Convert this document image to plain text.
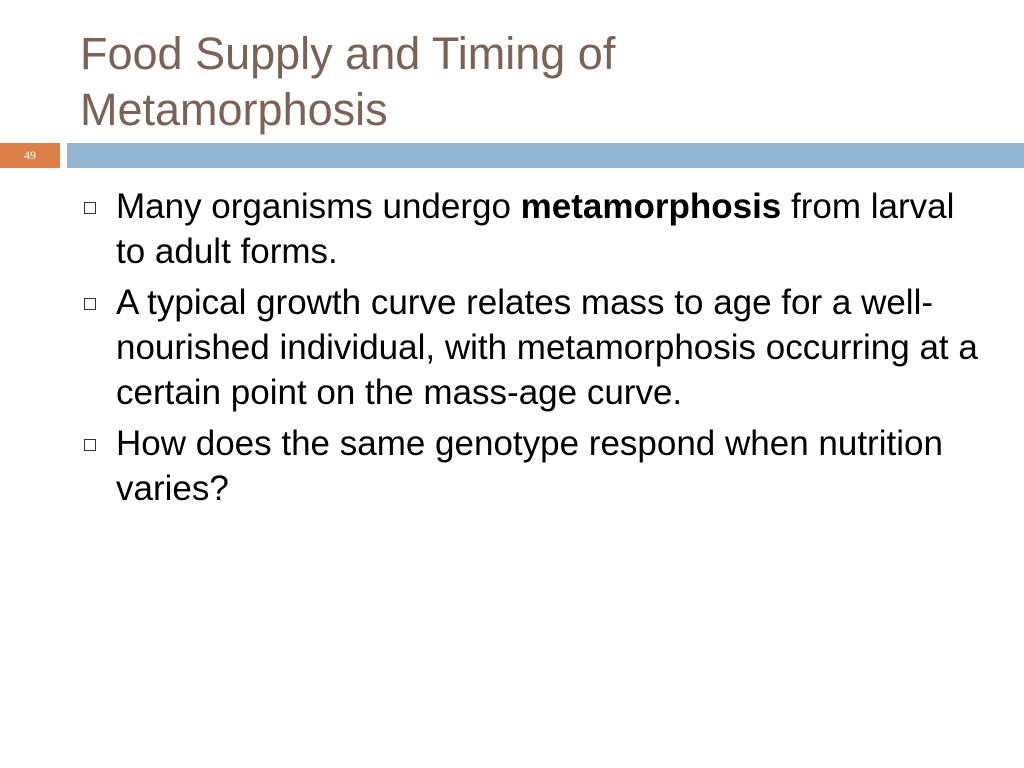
Food Supply and Timing of
Metamorphosis
49
Many organisms undergo metamorphosis from larval to adult forms.
A typical growth curve relates mass to age for a well-nourished individual, with metamorphosis occurring at a certain point on the mass-age curve.
How does the same genotype respond when nutrition varies?
